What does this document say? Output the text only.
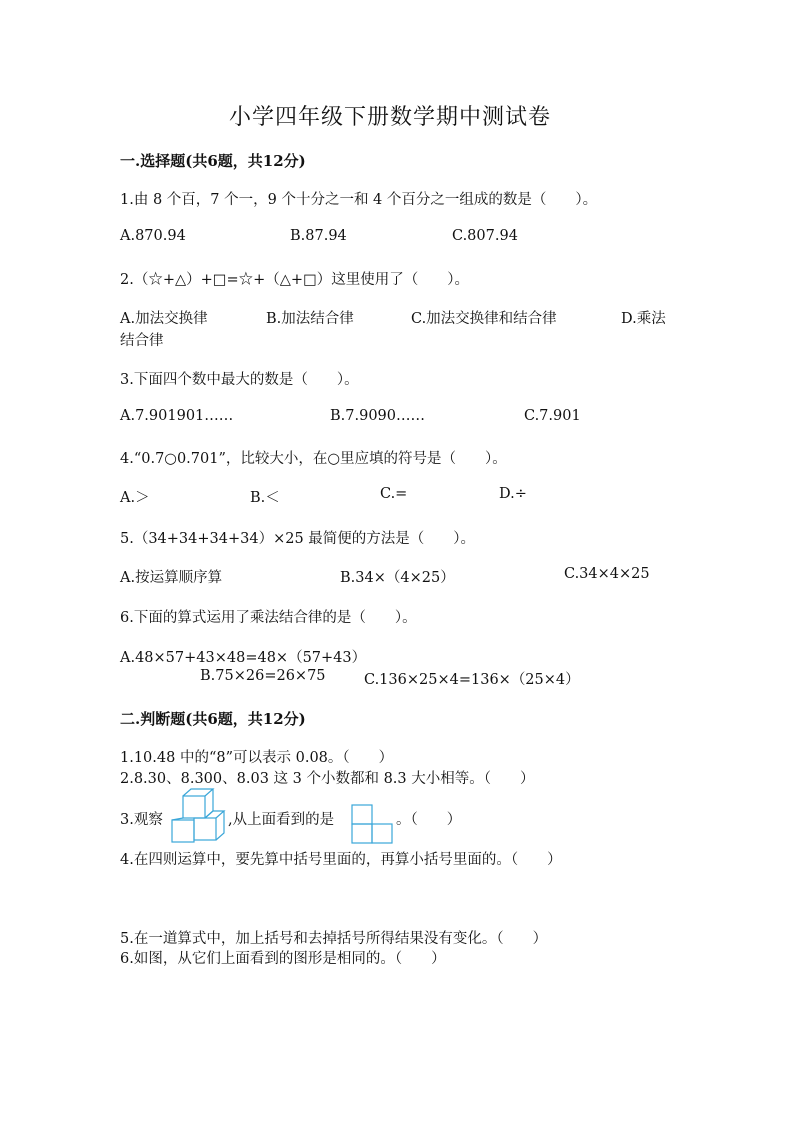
小学四年级下册数学期中测试卷
一.选择题(共6题，共12分)
1.由 8 个百，7 个一，9 个十分之一和 4 个百分之一组成的数是（　　）。
A.870.94	B.87.94	C.807.94
2.（☆+△）+□=☆+（△+□）这里使用了（　　）。
A.加法交换律	B.加法结合律	C.加法交换律和结合律	D.乘法
结合律
3.下面四个数中最大的数是（　　）。
A.7.901901……	B.7.9090……	C.7.901
4.“0.7○0.701”，比较大小，在○里应填的符号是（　　）。
A.＞	B.＜	C.=	D.÷
5.（34+34+34+34）×25 最简便的方法是（　　）。
A.按运算顺序算	B.34×（4×25）	C.34×4×25
6.下面的算式运用了乘法结合律的是（　　）。
A.48×57+43×48=48×（57+43）
B.75×26=26×75	C.136×25×4=136×（25×4）
二.判断题(共6题，共12分)
1.10.48 中的“8”可以表示 0.08。（　　）
2.8.30、8.300、8.03 这 3 个小数都和 8.3 大小相等。（　　）
3.观察	,从上面看到的是	。（　　）
4.在四则运算中，要先算中括号里面的，再算小括号里面的。（　　）
5.在一道算式中，加上括号和去掉括号所得结果没有变化。（　　）
6.如图，从它们上面看到的图形是相同的。（　　）
